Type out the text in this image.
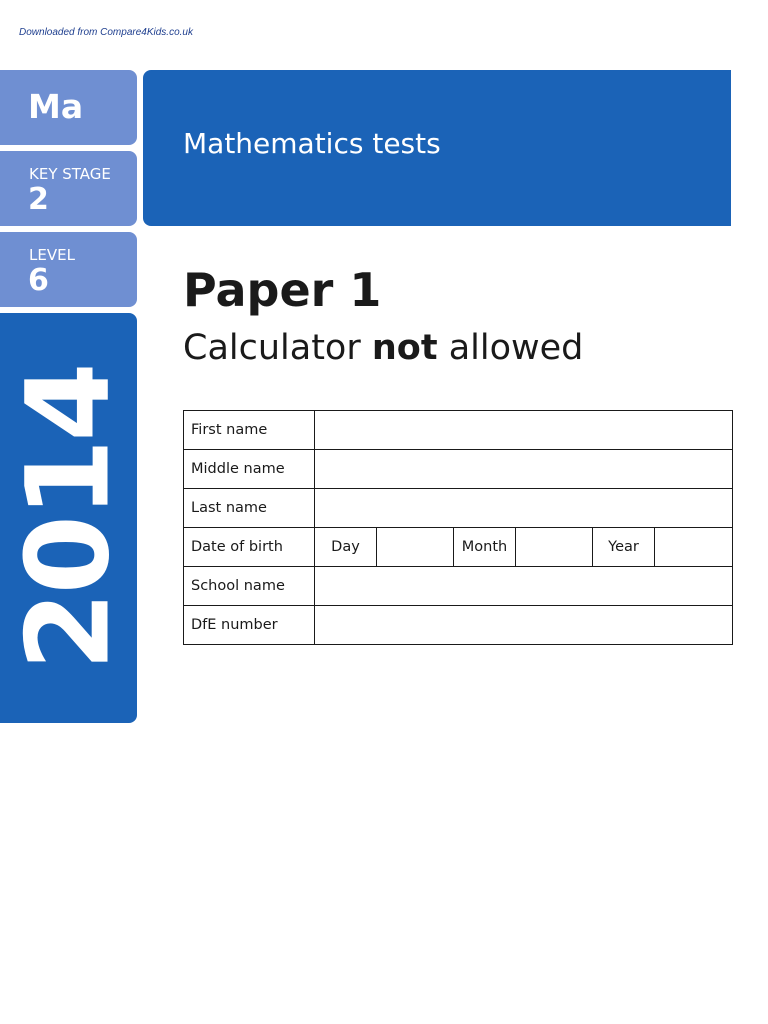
Downloaded from Compare4Kids.co.uk
Ma
KEY STAGE
2
LEVEL
6
2014
Mathematics tests
Paper 1
Calculator not allowed
First name						
Middle name						
Last name						
Date of birth	Day		Month		Year	
School name						
DfE number						
